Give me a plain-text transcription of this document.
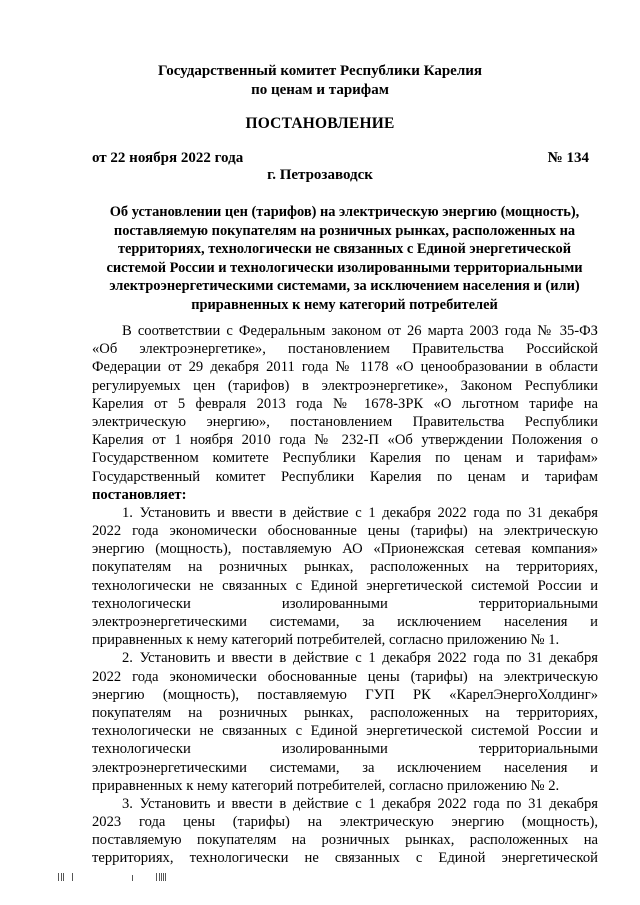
Государственный комитет Республики Карелия
по ценам и тарифам
ПОСТАНОВЛЕНИЕ
от 22 ноября 2022 года	№ 134
г. Петрозаводск
Об установлении цен (тарифов) на электрическую энергию (мощность),
поставляемую покупателям на розничных рынках, расположенных на
территориях, технологически не связанных с Единой энергетической
системой России и технологически изолированными территориальными
электроэнергетическими системами, за исключением населения и (или)
приравненных к нему категорий потребителей
В соответствии с Федеральным законом от 26 марта 2003 года № 35-ФЗ
«Об электроэнергетике», постановлением Правительства Российской
Федерации от 29 декабря 2011 года № 1178 «О ценообразовании в области
регулируемых цен (тарифов) в электроэнергетике», Законом Республики
Карелия от 5 февраля 2013 года № 1678-ЗРК «О льготном тарифе на
электрическую энергию», постановлением Правительства Республики
Карелия от 1 ноября 2010 года № 232-П «Об утверждении Положения о
Государственном комитете Республики Карелия по ценам и тарифам»
Государственный комитет Республики Карелия по ценам и тарифам
постановляет:
1. Установить и ввести в действие с 1 декабря 2022 года по 31 декабря
2022 года экономически обоснованные цены (тарифы) на электрическую
энергию (мощность), поставляемую АО «Прионежская сетевая компания»
покупателям на розничных рынках, расположенных на территориях,
технологически не связанных с Единой энергетической системой России и
технологически изолированными территориальными
электроэнергетическими системами, за исключением населения и
приравненных к нему категорий потребителей, согласно приложению № 1.
2. Установить и ввести в действие с 1 декабря 2022 года по 31 декабря
2022 года экономически обоснованные цены (тарифы) на электрическую
энергию (мощность), поставляемую ГУП РК «КарелЭнергоХолдинг»
покупателям на розничных рынках, расположенных на территориях,
технологически не связанных с Единой энергетической системой России и
технологически изолированными территориальными
электроэнергетическими системами, за исключением населения и
приравненных к нему категорий потребителей, согласно приложению № 2.
3. Установить и ввести в действие с 1 декабря 2022 года по 31 декабря
2023 года цены (тарифы) на электрическую энергию (мощность),
поставляемую покупателям на розничных рынках, расположенных на
территориях, технологически не связанных с Единой энергетической
